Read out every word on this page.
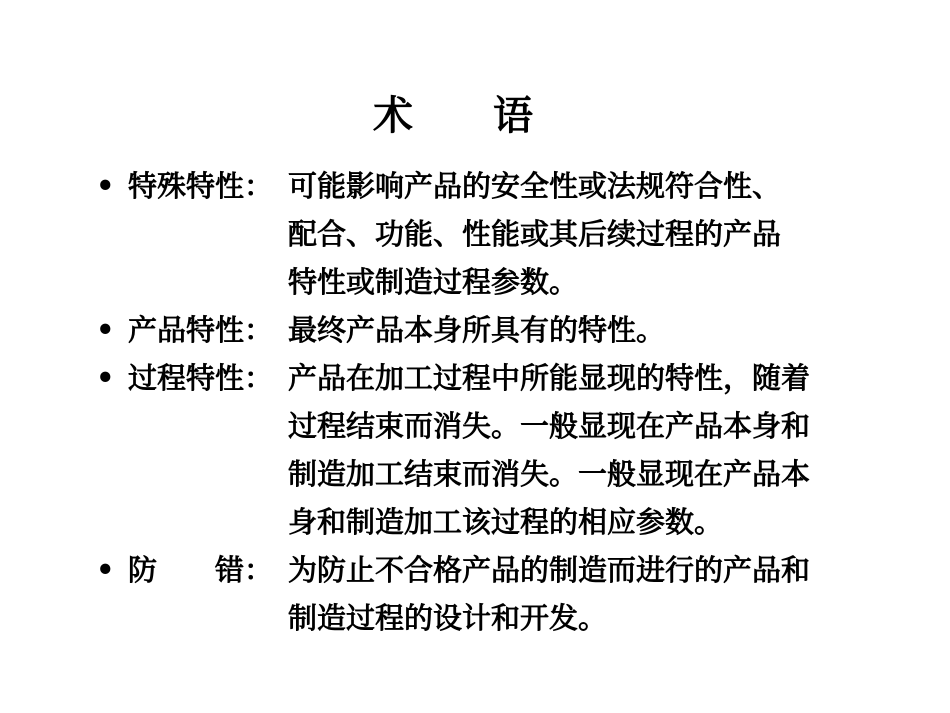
术　　语
• 特殊特性： 可能影响产品的安全性或法规符合性、
配合、功能、性能或其后续过程的产品
特性或制造过程参数。
• 产品特性： 最终产品本身所具有的特性。
• 过程特性： 产品在加工过程中所能显现的特性，随着
过程结束而消失。一般显现在产品本身和
制造加工结束而消失。一般显现在产品本
身和制造加工该过程的相应参数。
• 防　　错： 为防止不合格产品的制造而进行的产品和
制造过程的设计和开发。
